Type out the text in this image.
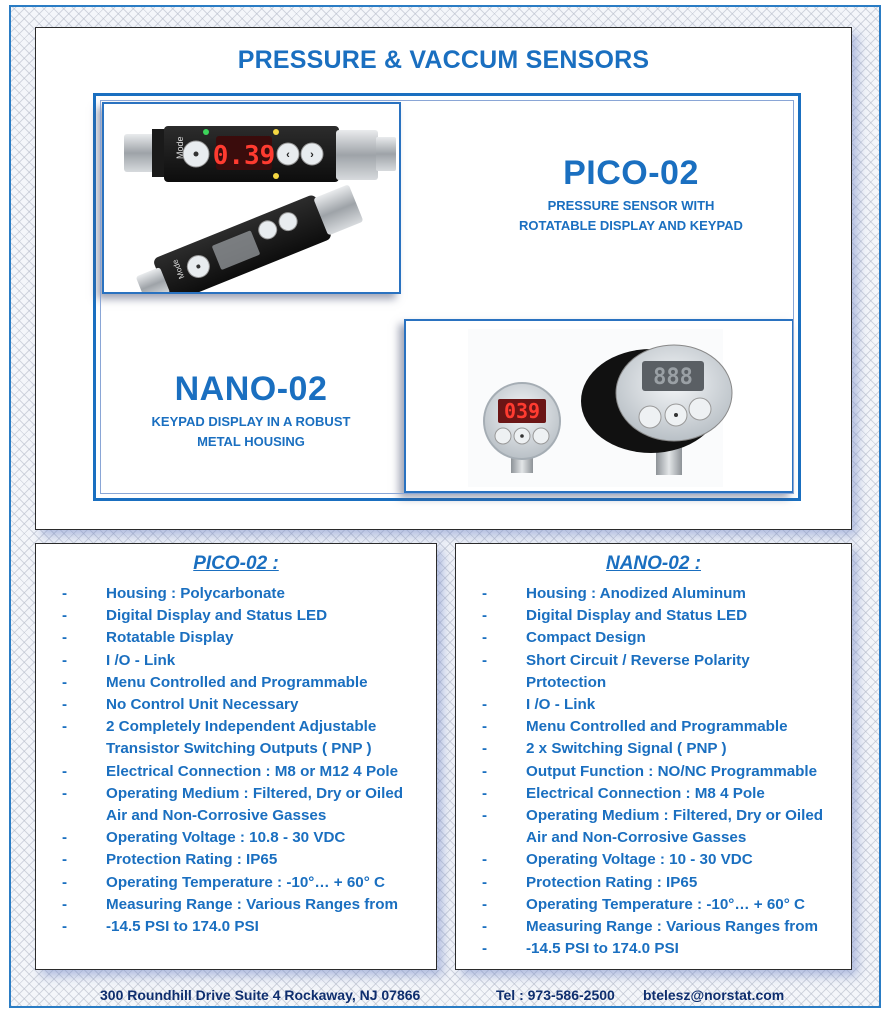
PRESSURE & VACCUM SENSORS
Mode 0.39 ‹ ›
Mode
PICO-02
PRESSURE SENSOR WITH
ROTATABLE DISPLAY AND KEYPAD
NANO-02
KEYPAD DISPLAY IN A ROBUST
METAL HOUSING
039
888
PICO-02 :
-	Housing : Polycarbonate
-	Digital Display and Status LED
-	Rotatable Display
-	I /O - Link
-	Menu Controlled and Programmable
-	No Control Unit Necessary
-	2 Completely Independent Adjustable
Transistor Switching Outputs ( PNP )
-	Electrical Connection : M8 or M12 4 Pole
-	Operating Medium : Filtered, Dry or Oiled
Air and Non-Corrosive Gasses
-	Operating Voltage : 10.8 - 30 VDC
-	Protection Rating : IP65
-	Operating Temperature : -10°… + 60° C
-	Measuring Range : Various Ranges from
-	-14.5 PSI to 174.0 PSI
NANO-02 :
-	Housing : Anodized Aluminum
-	Digital Display and Status LED
-	Compact Design
-	Short Circuit / Reverse Polarity
Prtotection
-	I /O - Link
-	Menu Controlled and Programmable
-	2 x Switching Signal ( PNP )
-	Output Function : NO/NC Programmable
-	Electrical Connection : M8 4 Pole
-	Operating Medium : Filtered, Dry or Oiled
Air and Non-Corrosive Gasses
-	Operating Voltage : 10 - 30 VDC
-	Protection Rating : IP65
-	Operating Temperature : -10°… + 60° C
-	Measuring Range : Various Ranges from
-	-14.5 PSI to 174.0 PSI
300 Roundhill Drive Suite 4 Rockaway, NJ 07866	Tel : 973-586-2500 btelesz@norstat.com
